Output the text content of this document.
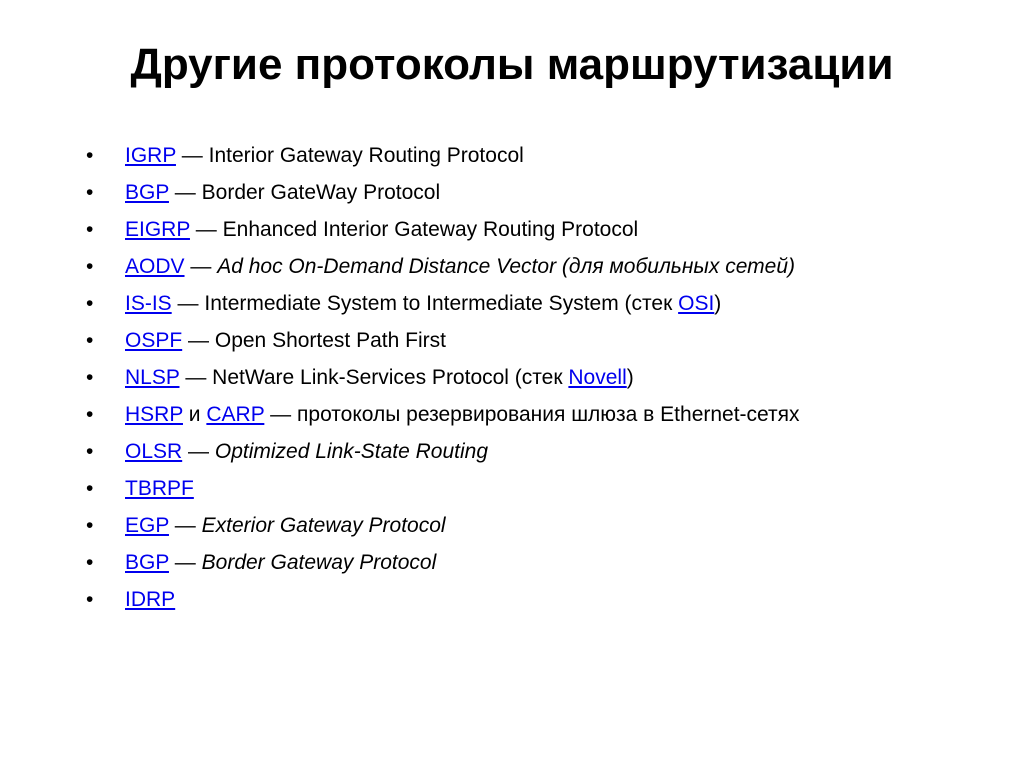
Другие протоколы маршрутизации
• IGRP — Interior Gateway Routing Protocol
• BGP — Border GateWay Protocol
• EIGRP — Enhanced Interior Gateway Routing Protocol
• AODV — Ad hoc On-Demand Distance Vector (для мобильных сетей)
• IS-IS — Intermediate System to Intermediate System (стек OSI)
• OSPF — Open Shortest Path First
• NLSP — NetWare Link-Services Protocol (стек Novell)
• HSRP и CARP — протоколы резервирования шлюза в Ethernet-сетях
• OLSR — Optimized Link-State Routing
• TBRPF
• EGP — Exterior Gateway Protocol
• BGP — Border Gateway Protocol
• IDRP
